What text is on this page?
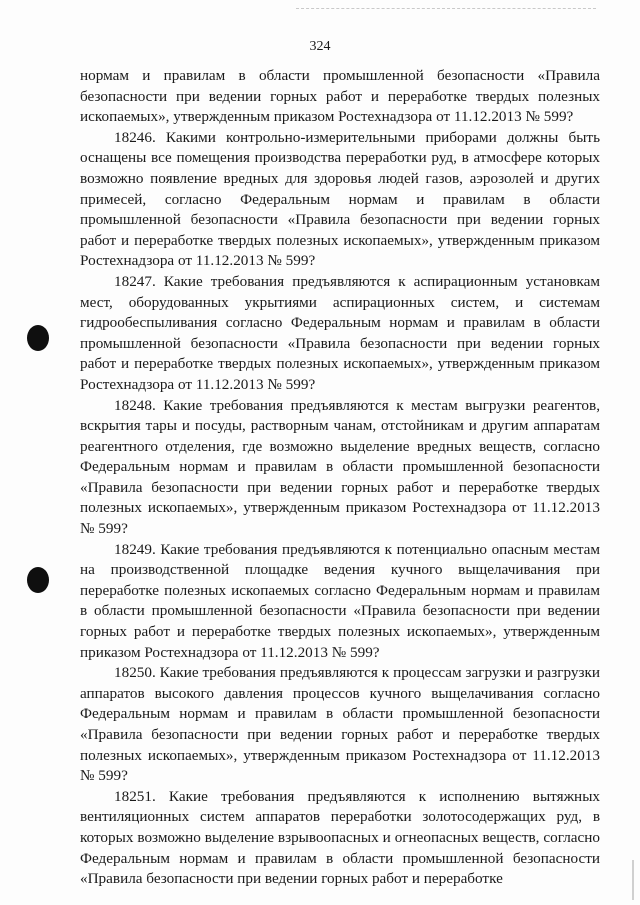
324

нормам и правилам в области промышленной безопасности «Правила безопасности при ведении горных работ и переработке твердых полезных ископаемых», утвержденным приказом Ростехнадзора от 11.12.2013 № 599?

18246. Какими контрольно-измерительными приборами должны быть оснащены все помещения производства переработки руд, в атмосфере которых возможно появление вредных для здоровья людей газов, аэрозолей и других примесей, согласно Федеральным нормам и правилам в области промышленной безопасности «Правила безопасности при ведении горных работ и переработке твердых полезных ископаемых», утвержденным приказом Ростехнадзора от 11.12.2013 № 599?

18247. Какие требования предъявляются к аспирационным установкам мест, оборудованных укрытиями аспирационных систем, и системам гидрообеспыливания согласно Федеральным нормам и правилам в области промышленной безопасности «Правила безопасности при ведении горных работ и переработке твердых полезных ископаемых», утвержденным приказом Ростехнадзора от 11.12.2013 № 599?

18248. Какие требования предъявляются к местам выгрузки реагентов, вскрытия тары и посуды, растворным чанам, отстойникам и другим аппаратам реагентного отделения, где возможно выделение вредных веществ, согласно Федеральным нормам и правилам в области промышленной безопасности «Правила безопасности при ведении горных работ и переработке твердых полезных ископаемых», утвержденным приказом Ростехнадзора от 11.12.2013 № 599?

18249. Какие требования предъявляются к потенциально опасным местам на производственной площадке ведения кучного выщелачивания при переработке полезных ископаемых согласно Федеральным нормам и правилам в области промышленной безопасности «Правила безопасности при ведении горных работ и переработке твердых полезных ископаемых», утвержденным приказом Ростехнадзора от 11.12.2013 № 599?

18250. Какие требования предъявляются к процессам загрузки и разгрузки аппаратов высокого давления процессов кучного выщелачивания согласно Федеральным нормам и правилам в области промышленной безопасности «Правила безопасности при ведении горных работ и переработке твердых полезных ископаемых», утвержденным приказом Ростехнадзора от 11.12.2013 № 599?

18251. Какие требования предъявляются к исполнению вытяжных вентиляционных систем аппаратов переработки золотосодержащих руд, в которых возможно выделение взрывоопасных и огнеопасных веществ, согласно Федеральным нормам и правилам в области промышленной безопасности «Правила безопасности при ведении горных работ и переработке
